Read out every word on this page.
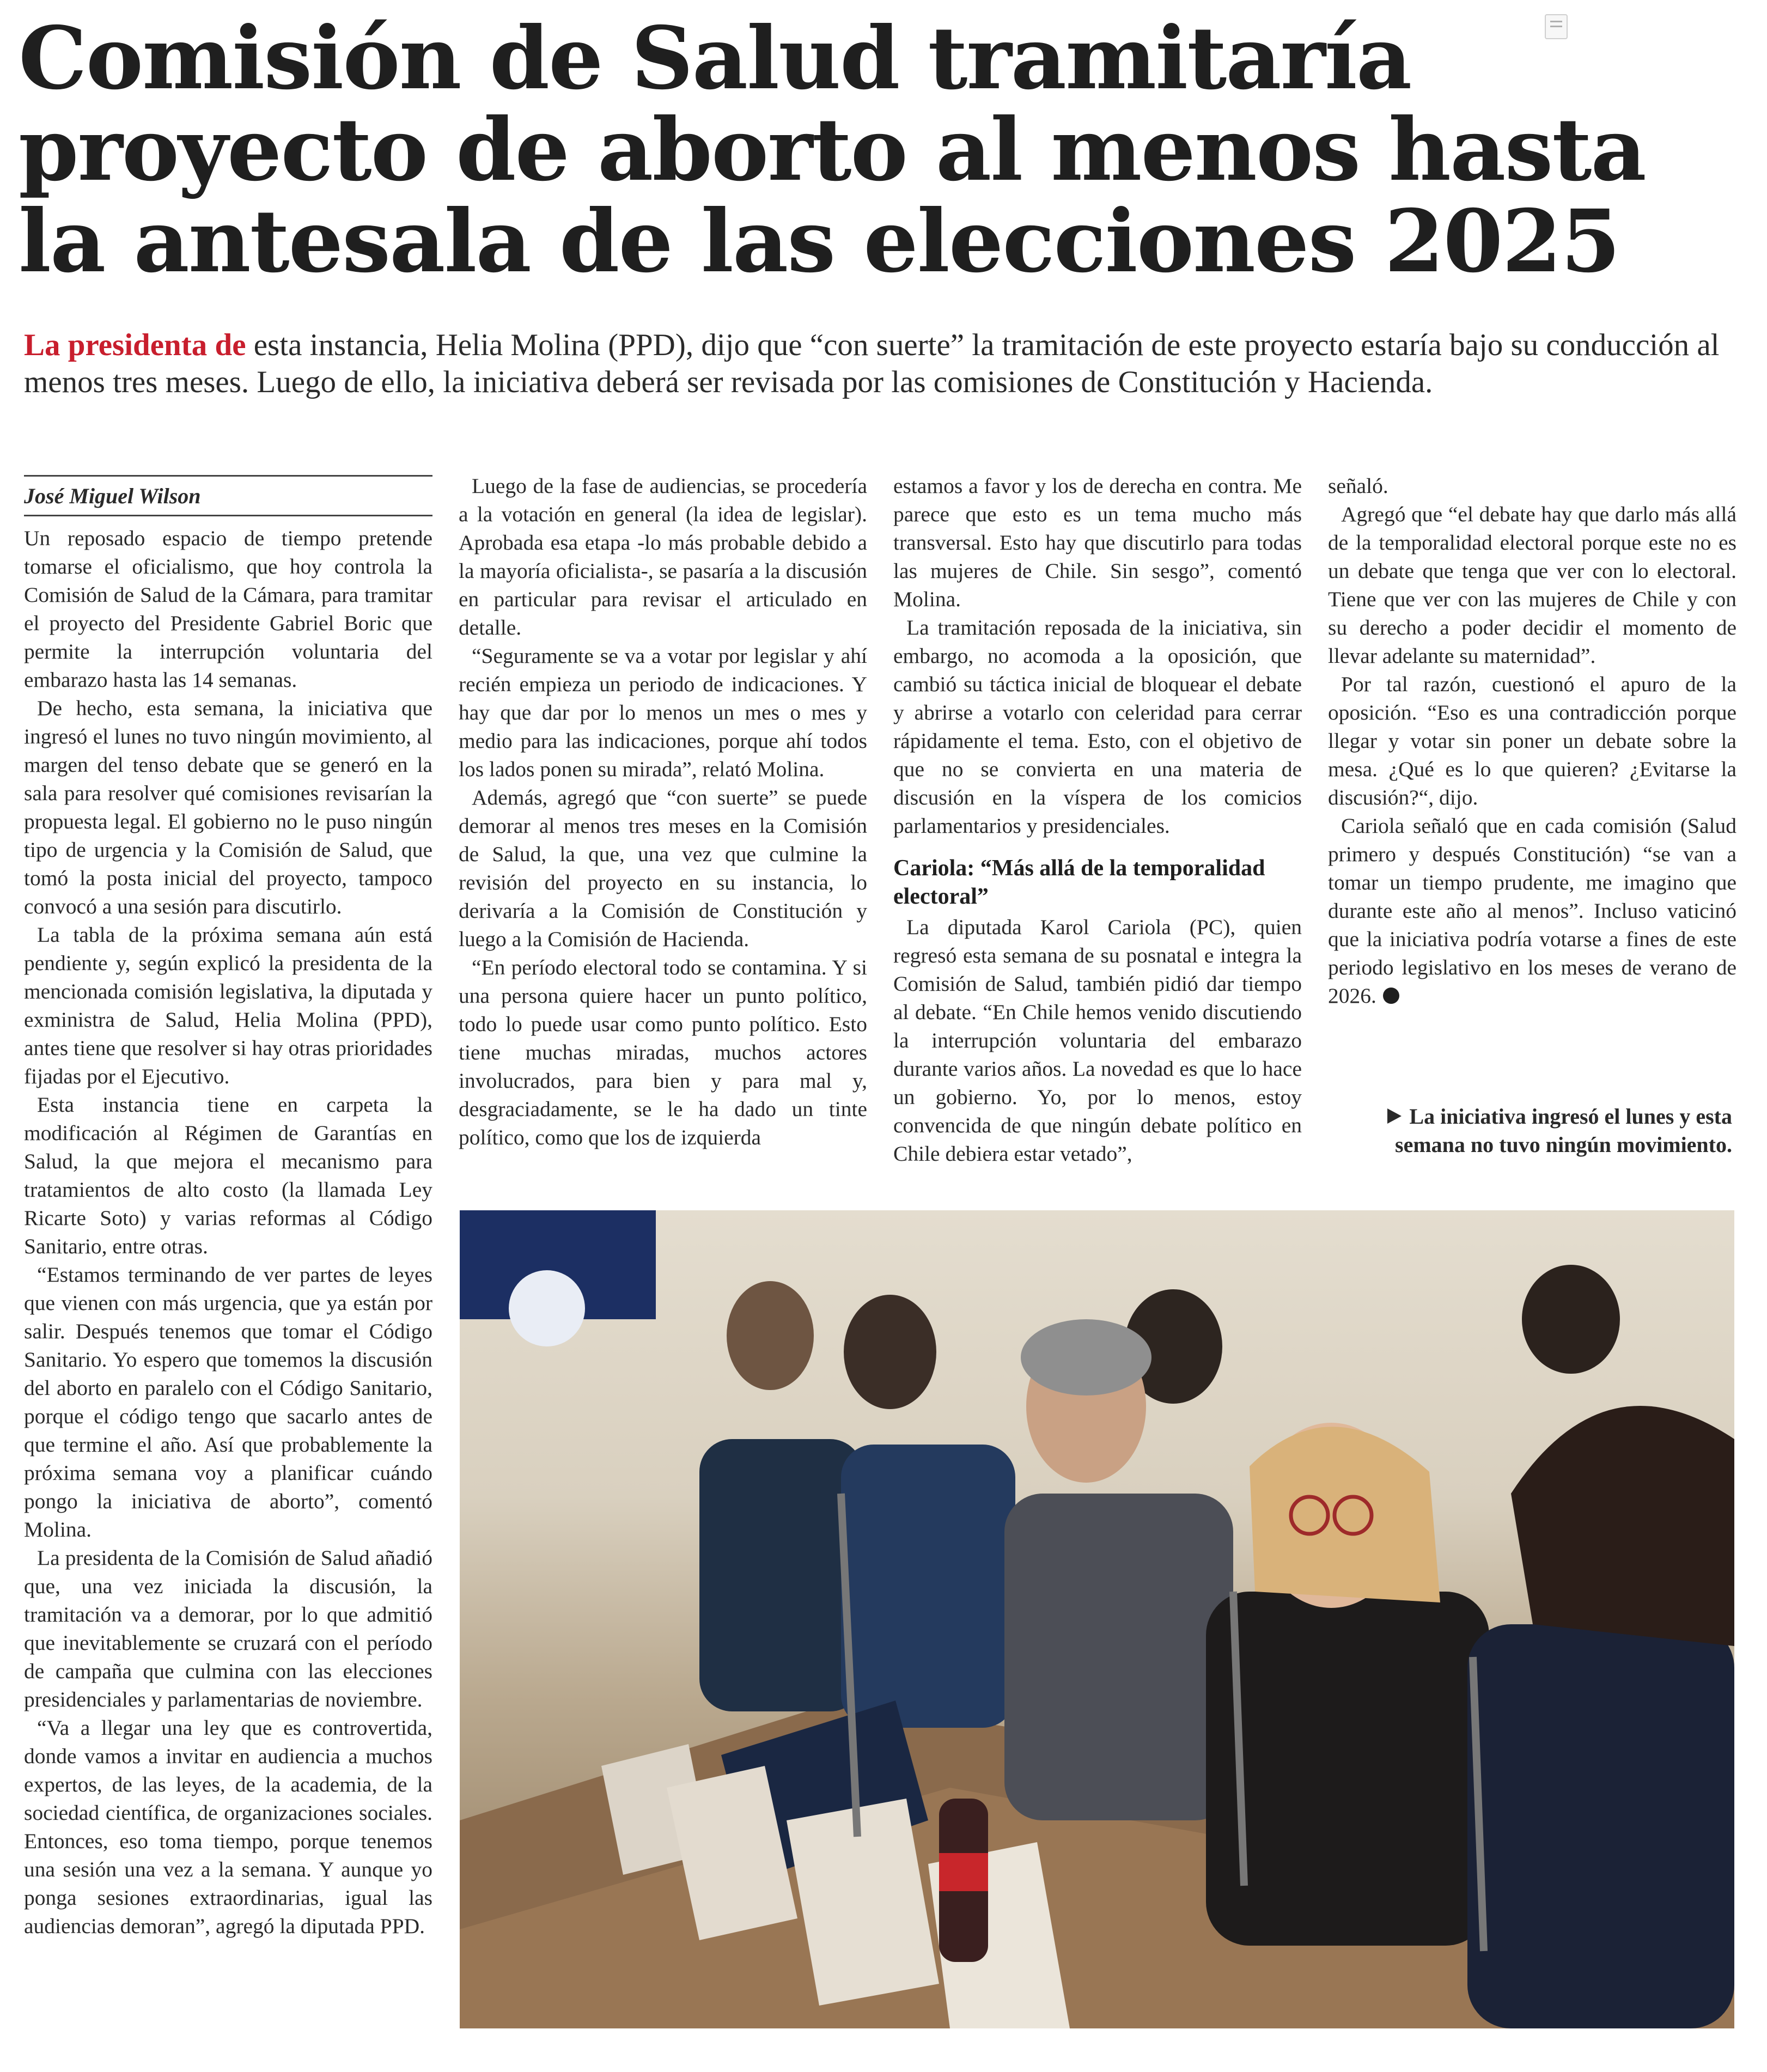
Comisión de Salud tramitaría
proyecto de aborto al menos hasta
la antesala de las elecciones 2025

La presidenta de esta instancia, Helia Molina (PPD), dijo que “con suerte” la tramitación de este proyecto estaría bajo su conducción al menos tres meses. Luego de ello, la iniciativa deberá ser revisada por las comisiones de Constitución y Hacienda.

José Miguel Wilson

Un reposado espacio de tiempo pretende tomarse el oficialismo, que hoy controla la Comisión de Salud de la Cámara, para tramitar el proyecto del Presidente Gabriel Boric que permite la interrupción voluntaria del embarazo hasta las 14 semanas.

De hecho, esta semana, la iniciativa que ingresó el lunes no tuvo ningún movimiento, al margen del tenso debate que se generó en la sala para resolver qué comisiones revisarían la propuesta legal. El gobierno no le puso ningún tipo de urgencia y la Comisión de Salud, que tomó la posta inicial del proyecto, tampoco convocó a una sesión para discutirlo.

La tabla de la próxima semana aún está pendiente y, según explicó la presidenta de la mencionada comisión legislativa, la diputada y exministra de Salud, Helia Molina (PPD), antes tiene que resolver si hay otras prioridades fijadas por el Ejecutivo.

Esta instancia tiene en carpeta la modificación al Régimen de Garantías en Salud, la que mejora el mecanismo para tratamientos de alto costo (la llamada Ley Ricarte Soto) y varias reformas al Código Sanitario, entre otras.

“Estamos terminando de ver partes de leyes que vienen con más urgencia, que ya están por salir. Después tenemos que tomar el Código Sanitario. Yo espero que tomemos la discusión del aborto en paralelo con el Código Sanitario, porque el código tengo que sacarlo antes de que termine el año. Así que probablemente la próxima semana voy a planificar cuándo pongo la iniciativa de aborto”, comentó Molina.

La presidenta de la Comisión de Salud añadió que, una vez iniciada la discusión, la tramitación va a demorar, por lo que admitió que inevitablemente se cruzará con el período de campaña que culmina con las elecciones presidenciales y parlamentarias de noviembre.

“Va a llegar una ley que es controvertida, donde vamos a invitar en audiencia a muchos expertos, de las leyes, de la academia, de la sociedad científica, de organizaciones sociales. Entonces, eso toma tiempo, porque tenemos una sesión una vez a la semana. Y aunque yo ponga sesiones extraordinarias, igual las audiencias demoran”, agregó la diputada PPD.

Luego de la fase de audiencias, se procedería a la votación en general (la idea de legislar). Aprobada esa etapa -lo más probable debido a la mayoría oficialista-, se pasaría a la discusión en particular para revisar el articulado en detalle.

“Seguramente se va a votar por legislar y ahí recién empieza un periodo de indicaciones. Y hay que dar por lo menos un mes o mes y medio para las indicaciones, porque ahí todos los lados ponen su mirada”, relató Molina.

Además, agregó que “con suerte” se puede demorar al menos tres meses en la Comisión de Salud, la que, una vez que culmine la revisión del proyecto en su instancia, lo derivaría a la Comisión de Constitución y luego a la Comisión de Hacienda.

“En período electoral todo se contamina. Y si una persona quiere hacer un punto político, todo lo puede usar como punto político. Esto tiene muchas miradas, muchos actores involucrados, para bien y para mal y, desgraciadamente, se le ha dado un tinte político, como que los de izquierda

estamos a favor y los de derecha en contra. Me parece que esto es un tema mucho más transversal. Esto hay que discutirlo para todas las mujeres de Chile. Sin sesgo”, comentó Molina.

La tramitación reposada de la iniciativa, sin embargo, no acomoda a la oposición, que cambió su táctica inicial de bloquear el debate y abrirse a votarlo con celeridad para cerrar rápidamente el tema. Esto, con el objetivo de que no se convierta en una materia de discusión en la víspera de los comicios parlamentarios y presidenciales.

Cariola: “Más allá de la temporalidad electoral”

La diputada Karol Cariola (PC), quien regresó esta semana de su posnatal e integra la Comisión de Salud, también pidió dar tiempo al debate. “En Chile hemos venido discutiendo la interrupción voluntaria del embarazo durante varios años. La novedad es que lo hace un gobierno. Yo, por lo menos, estoy convencida de que ningún debate político en Chile debiera estar vetado”,

señaló.

Agregó que “el debate hay que darlo más allá de la temporalidad electoral porque este no es un debate que tenga que ver con lo electoral. Tiene que ver con las mujeres de Chile y con su derecho a poder decidir el momento de llevar adelante su maternidad”.

Por tal razón, cuestionó el apuro de la oposición. “Eso es una contradicción porque llegar y votar sin poner un debate sobre la mesa. ¿Qué es lo que quieren? ¿Evitarse la discusión?“, dijo.

Cariola señaló que en cada comisión (Salud primero y después Constitución) “se van a tomar un tiempo prudente, me imagino que durante este año al menos”. Incluso vaticinó que la iniciativa podría votarse a fines de este periodo legislativo en los meses de verano de 2026.

La iniciativa ingresó el lunes y esta semana no tuvo ningún movimiento.
